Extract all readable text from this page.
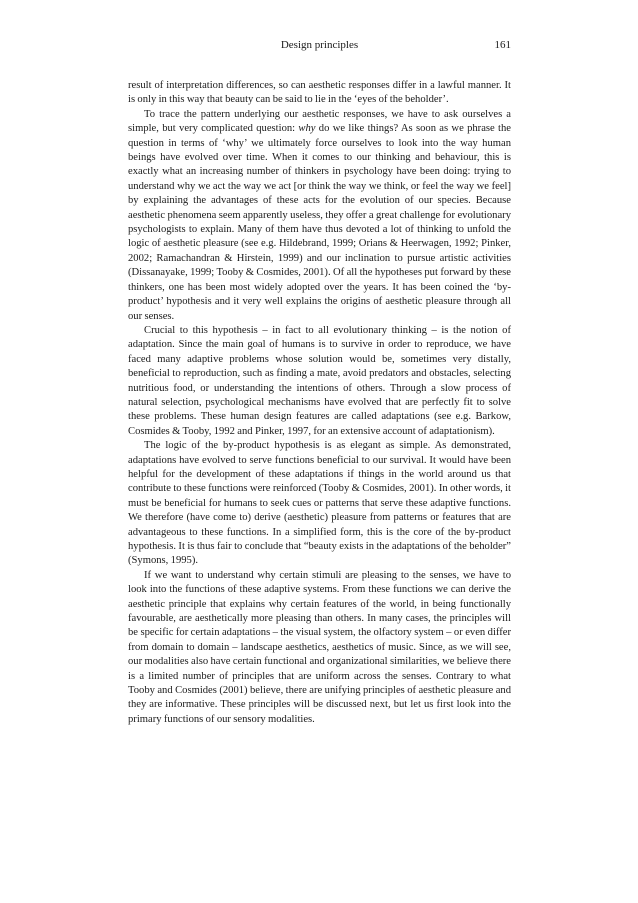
Design principles	161

result of interpretation differences, so can aesthetic responses differ in a lawful manner. It is only in this way that beauty can be said to lie in the ‘eyes of the beholder’.

To trace the pattern underlying our aesthetic responses, we have to ask ourselves a simple, but very complicated question: why do we like things? As soon as we phrase the question in terms of ‘why’ we ultimately force ourselves to look into the way human beings have evolved over time. When it comes to our thinking and behaviour, this is exactly what an increasing number of thinkers in psychology have been doing: trying to understand why we act the way we act [or think the way we think, or feel the way we feel] by explaining the advantages of these acts for the evolution of our species. Because aesthetic phenomena seem apparently useless, they offer a great challenge for evolutionary psychologists to explain. Many of them have thus devoted a lot of thinking to unfold the logic of aesthetic pleasure (see e.g. Hildebrand, 1999; Orians & Heerwagen, 1992; Pinker, 2002; Ramachandran & Hirstein, 1999) and our inclination to pursue artistic activities (Dissanayake, 1999; Tooby & Cosmides, 2001). Of all the hypotheses put forward by these thinkers, one has been most widely adopted over the years. It has been coined the ‘by-product’ hypothesis and it very well explains the origins of aesthetic pleasure through all our senses.

Crucial to this hypothesis – in fact to all evolutionary thinking – is the notion of adaptation. Since the main goal of humans is to survive in order to reproduce, we have faced many adaptive problems whose solution would be, sometimes very distally, beneficial to reproduction, such as finding a mate, avoid predators and obstacles, selecting nutritious food, or understanding the intentions of others. Through a slow process of natural selection, psychological mechanisms have evolved that are perfectly fit to solve these problems. These human design features are called adaptations (see e.g. Barkow, Cosmides & Tooby, 1992 and Pinker, 1997, for an extensive account of adaptationism).

The logic of the by-product hypothesis is as elegant as simple. As demonstrated, adaptations have evolved to serve functions beneficial to our survival. It would have been helpful for the development of these adaptations if things in the world around us that contribute to these functions were reinforced (Tooby & Cosmides, 2001). In other words, it must be beneficial for humans to seek cues or patterns that serve these adaptive functions. We therefore (have come to) derive (aesthetic) pleasure from patterns or features that are advantageous to these functions. In a simplified form, this is the core of the by-product hypothesis. It is thus fair to conclude that “beauty exists in the adaptations of the beholder” (Symons, 1995).

If we want to understand why certain stimuli are pleasing to the senses, we have to look into the functions of these adaptive systems. From these functions we can derive the aesthetic principle that explains why certain features of the world, in being functionally favourable, are aesthetically more pleasing than others. In many cases, the principles will be specific for certain adaptations – the visual system, the olfactory system – or even differ from domain to domain – landscape aesthetics, aesthetics of music. Since, as we will see, our modalities also have certain functional and organizational similarities, we believe there is a limited number of principles that are uniform across the senses. Contrary to what Tooby and Cosmides (2001) believe, there are unifying principles of aesthetic pleasure and they are informative. These principles will be discussed next, but let us first look into the primary functions of our sensory modalities.
